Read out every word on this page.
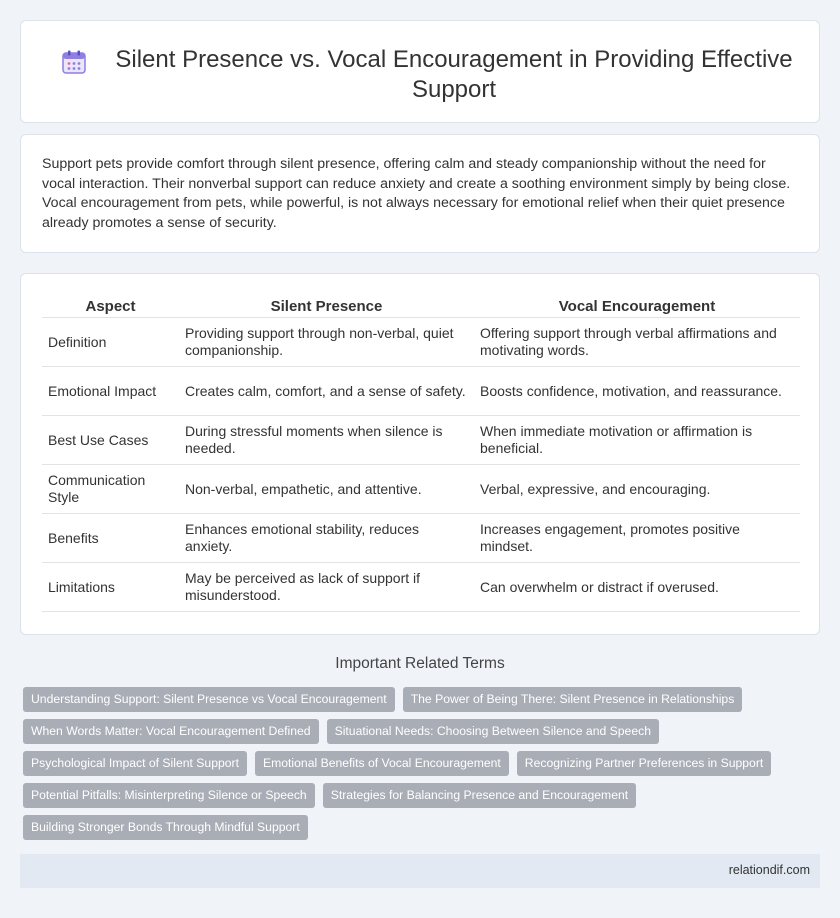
Silent Presence vs. Vocal Encouragement in Providing Effective Support

Support pets provide comfort through silent presence, offering calm and steady companionship without the need for vocal interaction. Their nonverbal support can reduce anxiety and create a soothing environment simply by being close. Vocal encouragement from pets, while powerful, is not always necessary for emotional relief when their quiet presence already promotes a sense of security.

Aspect	Silent Presence	Vocal Encouragement
Definition	Providing support through non-verbal, quiet companionship.	Offering support through verbal affirmations and motivating words.
Emotional Impact	Creates calm, comfort, and a sense of safety.	Boosts confidence, motivation, and reassurance.
Best Use Cases	During stressful moments when silence is needed.	When immediate motivation or affirmation is beneficial.
Communication Style	Non-verbal, empathetic, and attentive.	Verbal, expressive, and encouraging.
Benefits	Enhances emotional stability, reduces anxiety.	Increases engagement, promotes positive mindset.
Limitations	May be perceived as lack of support if misunderstood.	Can overwhelm or distract if overused.
Important Related Terms
Understanding Support: Silent Presence vs Vocal Encouragement	The Power of Being There: Silent Presence in Relationships
When Words Matter: Vocal Encouragement Defined	Situational Needs: Choosing Between Silence and Speech
Psychological Impact of Silent Support	Emotional Benefits of Vocal Encouragement	Recognizing Partner Preferences in Support
Potential Pitfalls: Misinterpreting Silence or Speech	Strategies for Balancing Presence and Encouragement
Building Stronger Bonds Through Mindful Support
relationdif.com
